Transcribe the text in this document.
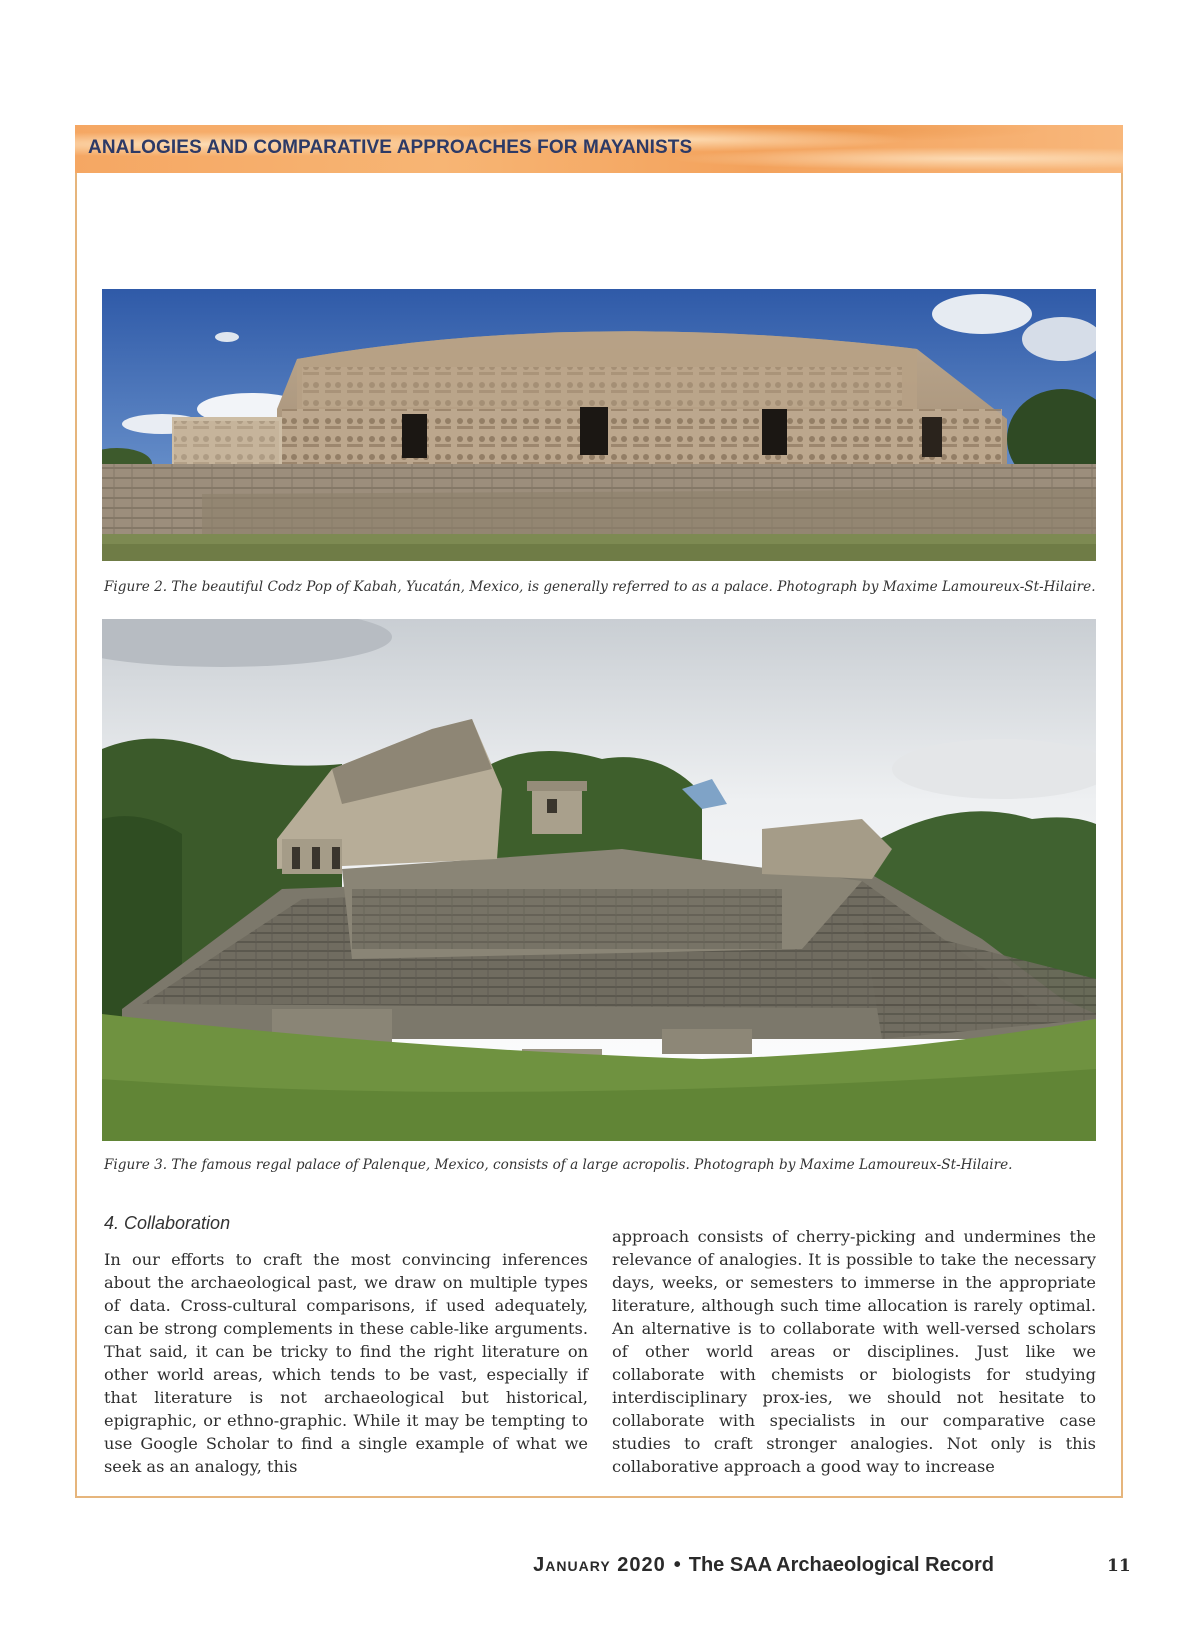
ANALOGIES AND COMPARATIVE APPROACHES FOR MAYANISTS
Figure 2. The beautiful Codz Pop of Kabah, Yucatán, Mexico, is generally referred to as a palace. Photograph by Maxime Lamoureux-St-Hilaire.
Figure 3. The famous regal palace of Palenque, Mexico, consists of a large acropolis. Photograph by Maxime Lamoureux-St-Hilaire.
4. Collaboration
In our efforts to craft the most convincing inferences about the archaeological past, we draw on multiple types of data. Cross-cultural comparisons, if used adequately, can be strong complements in these cable-like arguments. That said, it can be tricky to find the right literature on other world areas, which tends to be vast, especially if that literature is not archaeological but historical, epigraphic, or ethno-graphic. While it may be tempting to use Google Scholar to find a single example of what we seek as an analogy, this
approach consists of cherry-picking and undermines the relevance of analogies. It is possible to take the necessary days, weeks, or semesters to immerse in the appropriate literature, although such time allocation is rarely optimal. An alternative is to collaborate with well-versed scholars of other world areas or disciplines. Just like we collaborate with chemists or biologists for studying interdisciplinary prox-ies, we should not hesitate to collaborate with specialists in our comparative case studies to craft stronger analogies. Not only is this collaborative approach a good way to increase
January 2020 • The SAA Archaeological Record	11
